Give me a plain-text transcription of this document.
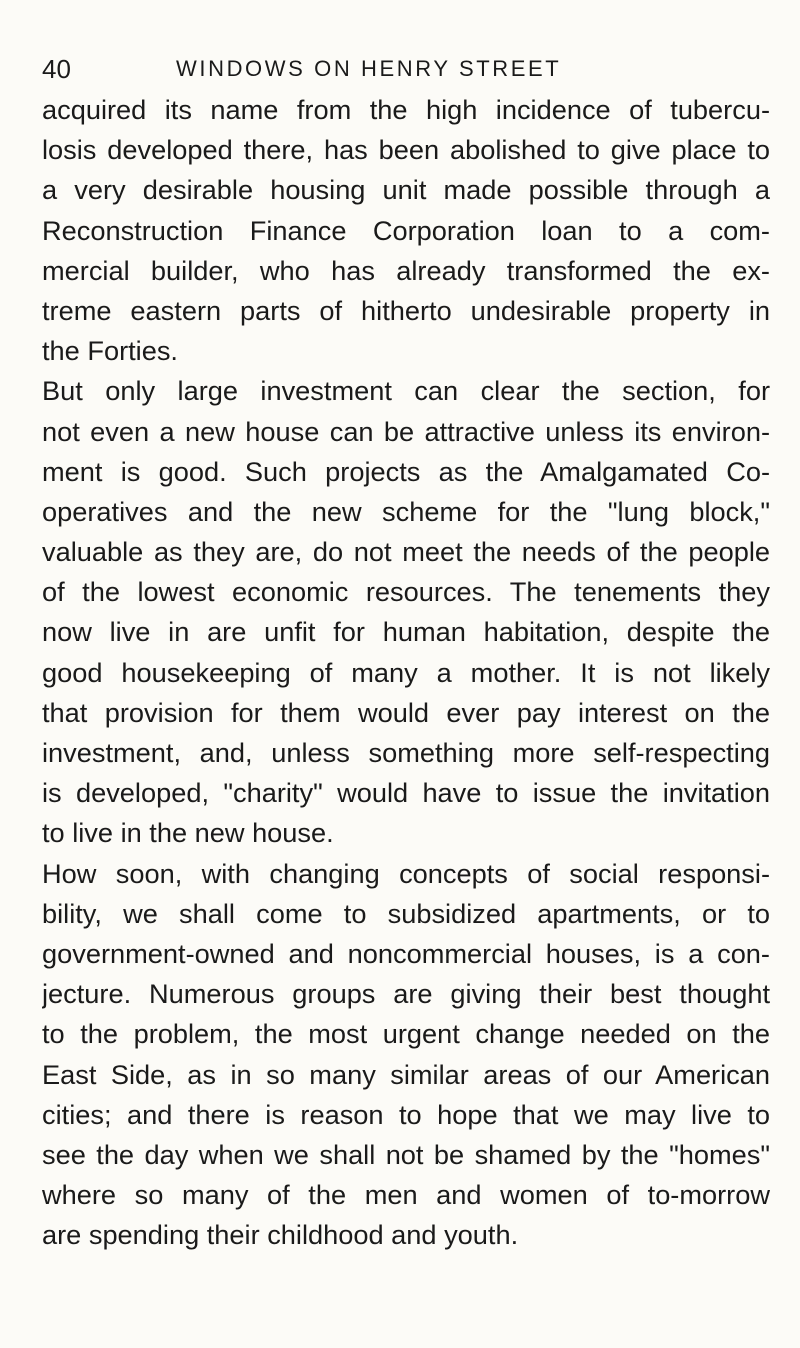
40	WINDOWS ON HENRY STREET
acquired its name from the high incidence of tubercu-
losis developed there, has been abolished to give place to
a very desirable housing unit made possible through a
Reconstruction Finance Corporation loan to a com-
mercial builder, who has already transformed the ex-
treme eastern parts of hitherto undesirable property in
the Forties.
But only large investment can clear the section, for
not even a new house can be attractive unless its environ-
ment is good. Such projects as the Amalgamated Co-
operatives and the new scheme for the "lung block,"
valuable as they are, do not meet the needs of the people
of the lowest economic resources. The tenements they
now live in are unfit for human habitation, despite the
good housekeeping of many a mother. It is not likely
that provision for them would ever pay interest on the
investment, and, unless something more self-respecting
is developed, "charity" would have to issue the invitation
to live in the new house.
How soon, with changing concepts of social responsi-
bility, we shall come to subsidized apartments, or to
government-owned and noncommercial houses, is a con-
jecture. Numerous groups are giving their best thought
to the problem, the most urgent change needed on the
East Side, as in so many similar areas of our American
cities; and there is reason to hope that we may live to
see the day when we shall not be shamed by the "homes"
where so many of the men and women of to-morrow
are spending their childhood and youth.
